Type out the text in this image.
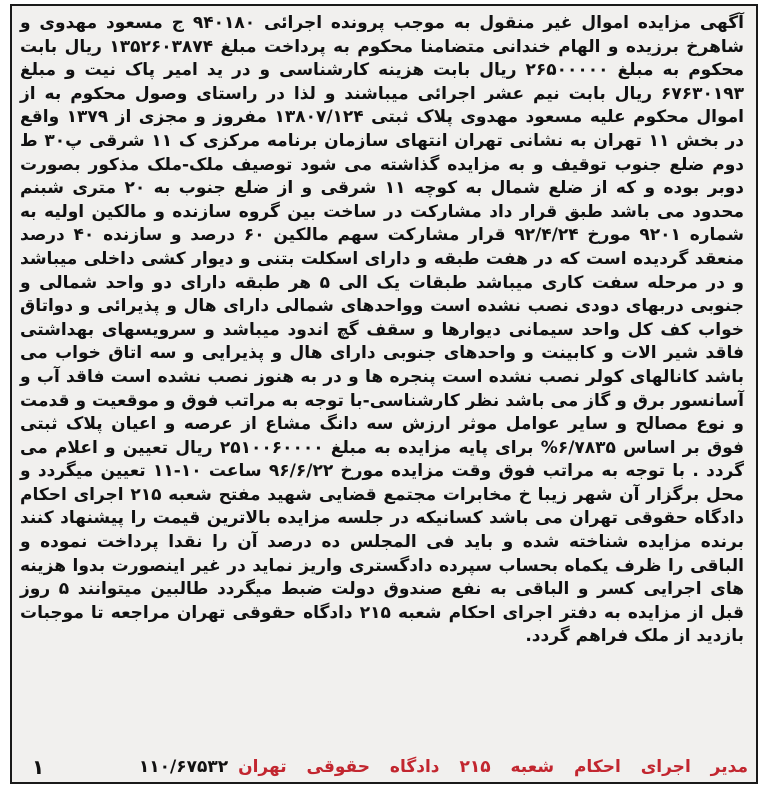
آگهی مزایده اموال غیر منقول به موجب پرونده اجرائی ۹۴۰۱۸۰ ج مسعود مهدوی و شاهرخ برزیده و الهام خندانی متضامنا محکوم به پرداخت مبلغ ۱۳۵۲۶۰۳۸۷۴ ریال بابت محکوم به مبلغ ۲۶۵۰۰۰۰۰ ریال بابت هزینه کارشناسی و در ید امیر پاک نیت و مبلغ ۶۷۶۳۰۱۹۳ ریال بابت نیم عشر اجرائی میباشند و لذا در راستای وصول محکوم به از اموال محکوم علیه مسعود مهدوی پلاک ثبتی ۱۳۸۰۷/۱۲۴ مفروز و مجزی از ۱۳۷۹ واقع در بخش ۱۱ تهران به نشانی تهران انتهای سازمان برنامه مرکزی ک ۱۱ شرقی پ۳۰ ط دوم ضلع جنوب توقیف و به مزایده گذاشته می شود توصیف ملک-ملک مذکور بصورت دوبر بوده و که از ضلع شمال به کوچه ۱۱ شرقی و از ضلع جنوب به ۲۰ متری شبنم محدود می باشد طبق قرار داد مشارکت در ساخت بین گروه سازنده و مالکین اولیه به شماره ۹۲۰۱ مورخ ۹۲/۴/۲۴ قرار مشارکت سهم مالکین ۶۰ درصد و سازنده ۴۰ درصد منعقد گردیده است که در هفت طبقه و دارای اسکلت بتنی و دیوار کشی داخلی میباشد و در مرحله سفت کاری میباشد طبقات یک الی ۵ هر طبقه دارای دو واحد شمالی و جنوبی دربهای دودی نصب نشده است وواحدهای شمالی دارای هال و پذیرائی و دواتاق خواب کف کل واحد سیمانی دیوارها و سقف گچ اندود میباشد و سرویسهای بهداشتی فاقد شیر الات و کابینت و واحدهای جنوبی دارای هال و پذیرایی و سه اتاق خواب می باشد کانالهای کولر نصب نشده است پنجره ها و در به هنوز نصب نشده است فاقد آب و آسانسور برق و گاز می باشد نظر کارشناسی-با توجه به مراتب فوق و موقعیت و قدمت و نوع مصالح و سایر عوامل موثر ارزش سه دانگ مشاع از عرصه و اعیان پلاک ثبتی فوق بر اساس ۶/۷۸۳۵% برای پایه مزایده به مبلغ ۲۵۱۰۰۶۰۰۰۰ ریال تعیین و اعلام می گردد . با توجه به مراتب فوق وقت مزایده مورخ ۹۶/۶/۲۲ ساعت ۱۰-۱۱ تعیین میگردد و محل برگزار آن شهر زیبا خ مخابرات مجتمع قضایی شهید مفتح شعبه ۲۱۵ اجرای احکام دادگاه حقوقی تهران می باشد کسانیکه در جلسه مزایده بالاترین قیمت را پیشنهاد کنند برنده مزایده شناخته شده و باید فی المجلس ده درصد آن را نقدا پرداخت نموده و الباقی را ظرف یکماه بحساب سپرده دادگستری واریز نماید در غیر اینصورت بدوا هزینه های اجرایی کسر و الباقی به نفع صندوق دولت ضبط میگردد طالبین میتوانند ۵ روز قبل از مزایده به دفتر اجرای احکام شعبه ۲۱۵ دادگاه حقوقی تهران مراجعه تا موجبات بازدید از ملک فراهم گردد.

مدیر اجرای احکام شعبه ۲۱۵ دادگاه حقوقی تهران
۱۱۰/۶۷۵۳۲
۱
